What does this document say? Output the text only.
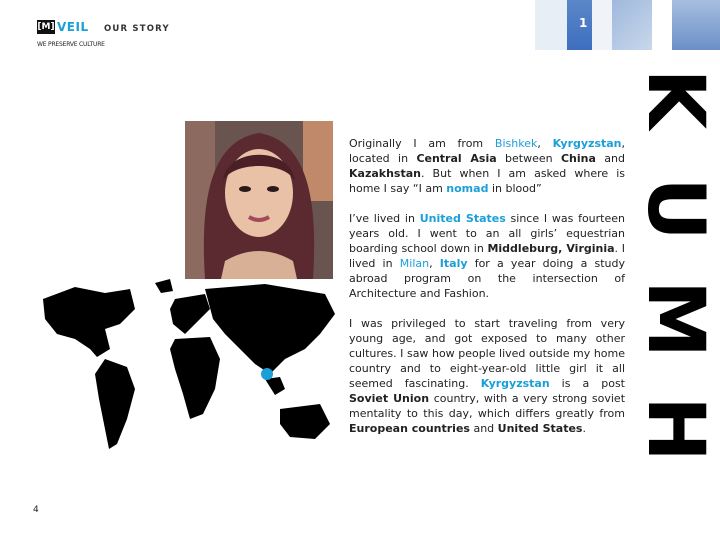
[M] VEIL
WE PRESERVE CULTURE
OUR STORY	1
K
U
M
H

Originally I am from Bishkek, Kyrgyzstan, located in Central Asia between China and Kazakhstan. But when I am asked where is home I say “I am nomad in blood”

I’ve lived in United States since I was fourteen years old. I went to an all girls’ equestrian boarding school down in Middleburg, Virginia. I lived in Milan, Italy for a year doing a study abroad program on the intersection of Architecture and Fashion.

I was privileged to start traveling from very young age, and got exposed to many other cultures. I saw how people lived outside my home country and to eight-year-old little girl it all seemed fascinating. Kyrgyzstan is a post Soviet Union country, with a very strong soviet mentality to this day, which differs greatly from European countries and United States.

4
